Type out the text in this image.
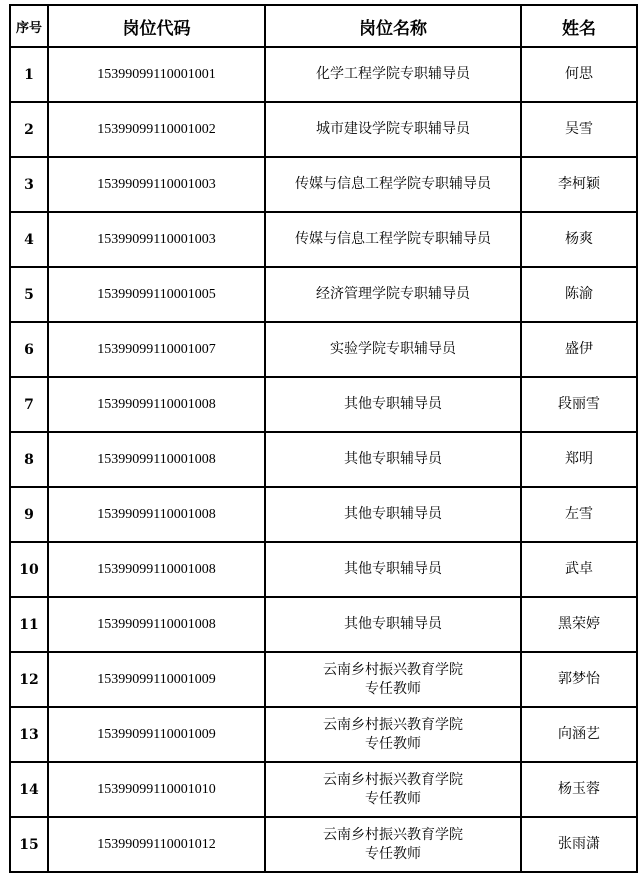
序号	岗位代码	岗位名称	姓名
1	15399099110001001	化学工程学院专职辅导员	何思
2	15399099110001002	城市建设学院专职辅导员	吴雪
3	15399099110001003	传媒与信息工程学院专职辅导员	李柯颖
4	15399099110001003	传媒与信息工程学院专职辅导员	杨爽
5	15399099110001005	经济管理学院专职辅导员	陈渝
6	15399099110001007	实验学院专职辅导员	盛伊
7	15399099110001008	其他专职辅导员	段丽雪
8	15399099110001008	其他专职辅导员	郑明
9	15399099110001008	其他专职辅导员	左雪
10	15399099110001008	其他专职辅导员	武卓
11	15399099110001008	其他专职辅导员	黑荣婷
12	15399099110001009	云南乡村振兴教育学院
专任教师	郭梦怡
13	15399099110001009	云南乡村振兴教育学院
专任教师	向涵艺
14	15399099110001010	云南乡村振兴教育学院
专任教师	杨玉蓉
15	15399099110001012	云南乡村振兴教育学院
专任教师	张雨潇
